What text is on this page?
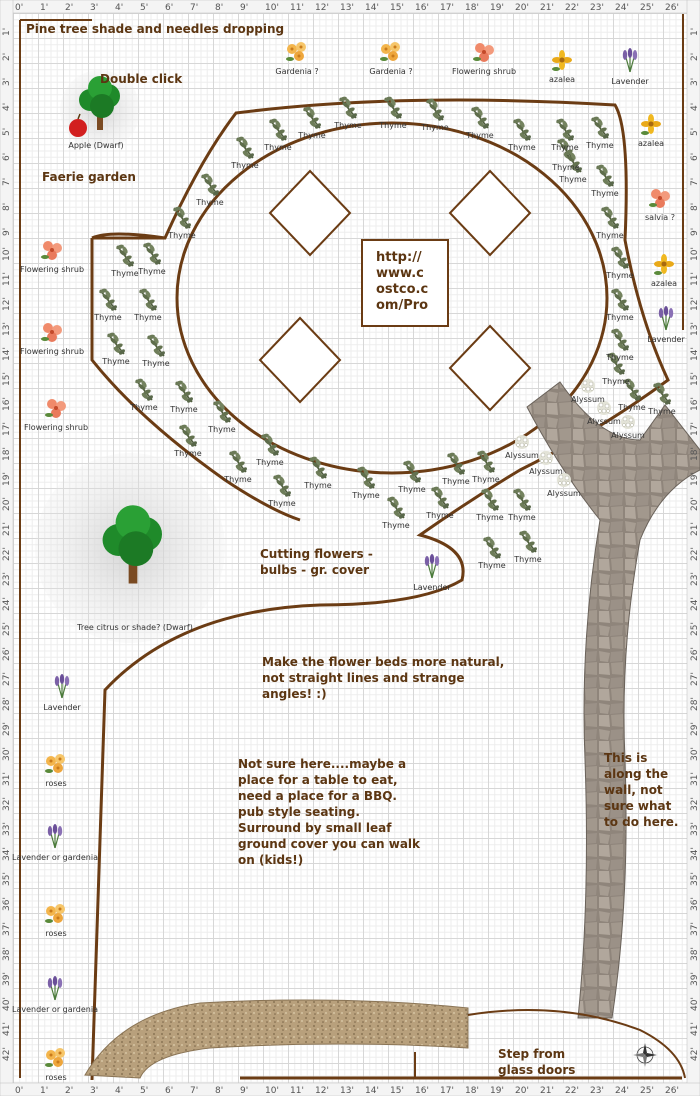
0'
0'
1'
1'
2'
2'
3'
3'
4'
4'
5'
5'
6'
6'
7'
7'
8'
8'
9'
9'
10'
10'
11'
11'
12'
12'
13'
13'
14'
14'
15'
15'
16'
16'
17'
17'
18'
18'
19'
19'
20'
20'
21'
21'
22'
22'
23'
23'
24'
24'
25'
25'
26'
26'
1'	1'
2'	2'
3'	3'
4'	4'
5'	5'
6'	6'
7'	7'
8'	8'
9'	9'
10'	10'
11'	11'
12'	12'
13'	13'
14'	14'
15'	15'
16'	16'
17'	17'
18'	18'
19'	19'
20'	20'
21'	21'
22'	22'
23'	23'
24'	24'
25'	25'
26'	26'
27'	27'
28'	28'
29'	29'
30'	30'
31'	31'
32'	32'
33'	33'
34'	34'
35'	35'
36'	36'
37'	37'
38'	38'
39'	39'
40'	40'
41'	41'
42'	42'
Apple (Dwarf)
Tree citrus or shade? (Dwarf)
Gardenia ?	Gardenia ?	Flowering shrub
azalea	Lavender
azalea
salvia ?
azalea
Lavender
Flowering shrub
Flowering shrub
Flowering shrub
Lavender
Lavender
roses
Lavender or gardenia
roses
Lavender or gardenia
roses
Thyme Thyme Thyme
Thyme
Thyme Thyme Thyme
Thyme
Thyme
Thyme
Thyme
Thyme
Thyme Thyme
Thyme Thyme
Thyme Thyme
Thyme Thyme
Thyme
Thyme
Thyme
Thyme
Thyme
Thyme
Thyme
Thyme
Thyme
Thyme
Thyme Thyme
Thyme Thyme
Thyme
Thyme
Thyme
Thyme
Thyme
Thyme
Thyme
Thyme
Thyme
Thyme
Thyme Thyme
Alyssum
Alyssum
Alyssum
Alyssum
Alyssum
Alyssum
Pine tree shade and needles dropping
Double click
Faerie garden
Cutting flowers -
bulbs - gr. cover
Make the flower beds more natural,
not straight lines and strange
angles! :)
Not sure here....maybe a
place for a table to eat,
need a place for a BBQ.
pub style seating.
Surround by small leaf
ground cover you can walk
on (kids!)
This is
along the
wall, not
sure what
to do here.
Step from
glass doors
http://
www.c
ostco.c
om/Pro
